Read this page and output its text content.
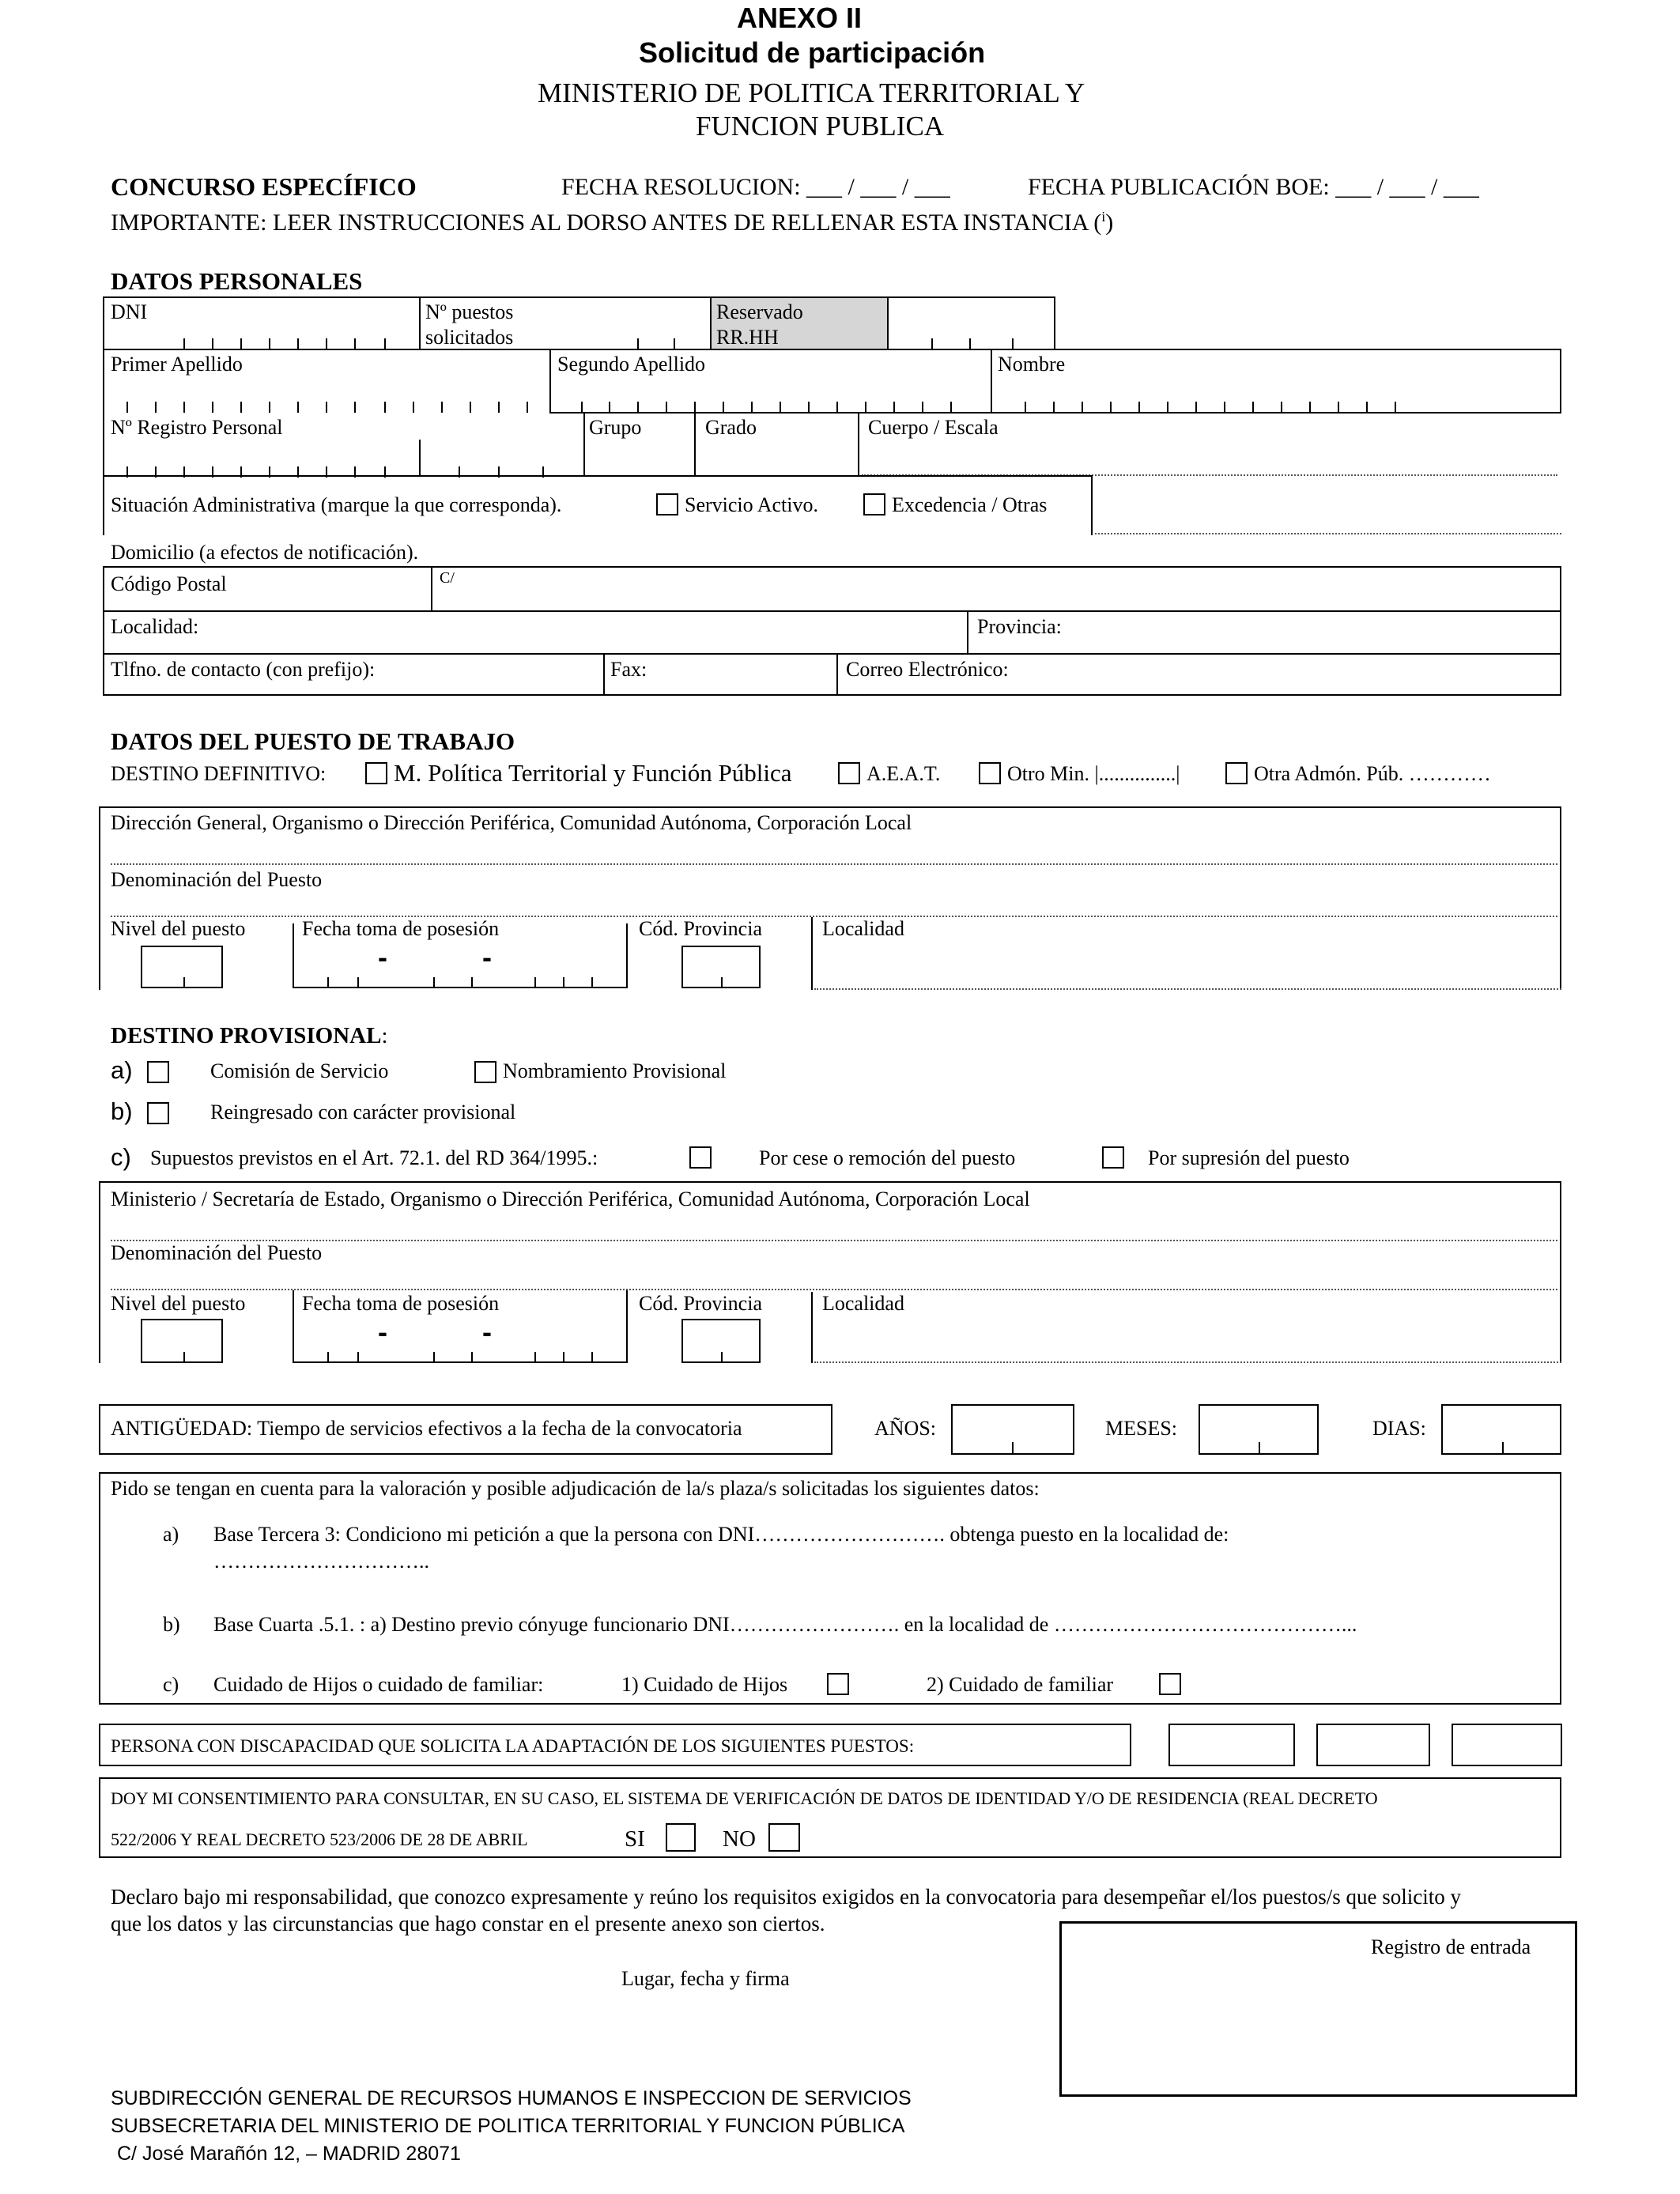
ANEXO II
Solicitud de participación
MINISTERIO DE POLITICA TERRITORIAL Y
FUNCION PUBLICA
CONCURSO ESPECÍFICO	FECHA RESOLUCION: ___ / ___ / ___	FECHA PUBLICACIÓN BOE: ___ / ___ / ___
IMPORTANTE: LEER INSTRUCCIONES AL DORSO ANTES DE RELLENAR ESTA INSTANCIA ($^i$)
DATOS PERSONALES
DNI	Nº puestos
solicitados
Reservado
RR.HH
Primer Apellido	Segundo Apellido	Nombre
Nº Registro Personal	Grupo	Grado	Cuerpo / Escala
Situación Administrativa (marque la que corresponda).	Servicio Activo.	Excedencia / Otras
Domicilio (a efectos de notificación).
Código Postal	C/
Localidad:	Provincia:
Tlfno. de contacto (con prefijo):	Fax:	Correo Electrónico:
DATOS DEL PUESTO DE TRABAJO
DESTINO DEFINITIVO:	M. Política Territorial y Función Pública	A.E.A.T.	Otro Min. |...............|	Otra Admón. Púb. …………
Dirección General, Organismo o Dirección Periférica, Comunidad Autónoma, Corporación Local
Denominación del Puesto
Nivel del puesto	Fecha toma de posesión	Cód. Provincia	Localidad
-	-
DESTINO PROVISIONAL:
a)	Comisión de Servicio	Nombramiento Provisional
b)	Reingresado con carácter provisional
c) Supuestos previstos en el Art. 72.1. del RD 364/1995.:	Por cese o remoción del puesto	Por supresión del puesto
Ministerio / Secretaría de Estado, Organismo o Dirección Periférica, Comunidad Autónoma, Corporación Local
Denominación del Puesto
Nivel del puesto	Fecha toma de posesión	Cód. Provincia	Localidad
-	-
ANTIGÜEDAD: Tiempo de servicios efectivos a la fecha de la convocatoria	AÑOS:	MESES:	DIAS:
Pido se tengan en cuenta para la valoración y posible adjudicación de la/s plaza/s solicitadas los siguientes datos:
a) Base Tercera 3: Condiciono mi petición a que la persona con DNI………………………. obtenga puesto en la localidad de:
…………………………..
b) Base Cuarta .5.1. : a) Destino previo cónyuge funcionario DNI……………………. en la localidad de ……………………………………...
c) Cuidado de Hijos o cuidado de familiar:	1) Cuidado de Hijos	2) Cuidado de familiar
PERSONA CON DISCAPACIDAD QUE SOLICITA LA ADAPTACIÓN DE LOS SIGUIENTES PUESTOS:
DOY MI CONSENTIMIENTO PARA CONSULTAR, EN SU CASO, EL SISTEMA DE VERIFICACIÓN DE DATOS DE IDENTIDAD Y/O DE RESIDENCIA (REAL DECRETO
522/2006 Y REAL DECRETO 523/2006 DE 28 DE ABRIL	SI	NO
Declaro bajo mi responsabilidad, que conozco expresamente y reúno los requisitos exigidos en la convocatoria para desempeñar el/los puestos/s que solicito y
que los datos y las circunstancias que hago constar en el presente anexo son ciertos.
Lugar, fecha y firma
Registro de entrada
SUBDIRECCIÓN GENERAL DE RECURSOS HUMANOS E INSPECCION DE SERVICIOS
SUBSECRETARIA DEL MINISTERIO DE POLITICA TERRITORIAL Y FUNCION PÚBLICA
C/ José Marañón 12, – MADRID 28071
